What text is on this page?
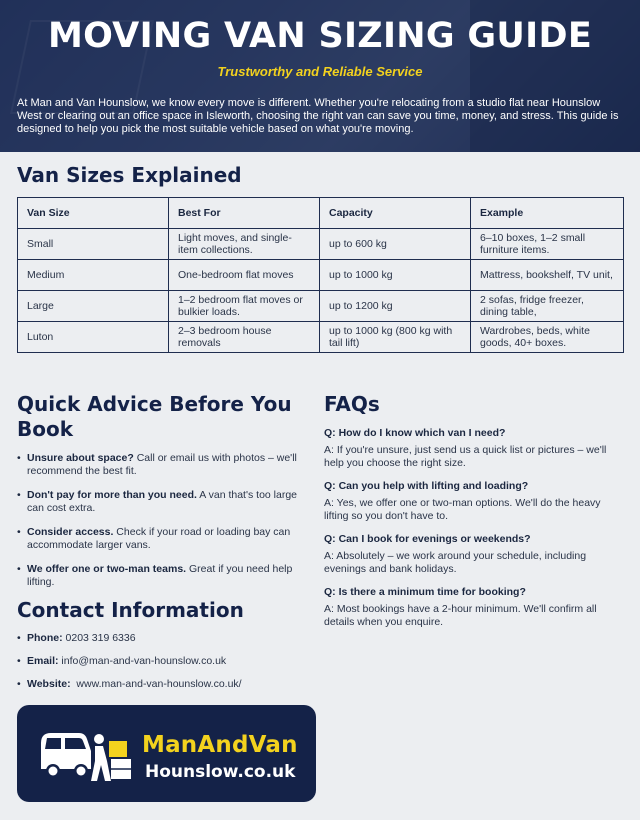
MOVING VAN SIZING GUIDE
Trustworthy and Reliable Service
At Man and Van Hounslow, we know every move is different. Whether you're relocating from a studio flat near Hounslow West or clearing out an office space in Isleworth, choosing the right van can save you time, money, and stress. This guide is designed to help you pick the most suitable vehicle based on what you're moving.
Van Sizes Explained
Van Size	Best For	Capacity	Example
Small	Light moves, and single-item collections.	up to 600 kg	6–10 boxes, 1–2 small furniture items.
Medium	One-bedroom flat moves	up to 1000 kg	Mattress, bookshelf, TV unit,
Large	1–2 bedroom flat moves or bulkier loads.	up to 1200 kg	2 sofas, fridge freezer, dining table,
Luton	2–3 bedroom house removals	up to 1000 kg (800 kg with tail lift)	Wardrobes, beds, white goods, 40+ boxes.
Quick Advice Before You Book
• Unsure about space? Call or email us with photos – we'll recommend the best fit.
• Don't pay for more than you need. A van that's too large can cost extra.
• Consider access. Check if your road or loading bay can accommodate larger vans.
• We offer one or two-man teams. Great if you need help lifting.
FAQs

Q: How do I know which van I need?

A: If you're unsure, just send us a quick list or pictures – we'll help you choose the right size.

Q: Can you help with lifting and loading?

A: Yes, we offer one or two-man options. We'll do the heavy lifting so you don't have to.

Q: Can I book for evenings or weekends?

A: Absolutely – we work around your schedule, including evenings and bank holidays.

Q: Is there a minimum time for booking?

A: Most bookings have a 2-hour minimum. We'll confirm all details when you enquire.

Contact Information
• Phone: 0203 319 6336
• Email: info@man-and-van-hounslow.co.uk
• Website:  www.man-and-van-hounslow.co.uk/
ManAndVan
Hounslow.co.uk
